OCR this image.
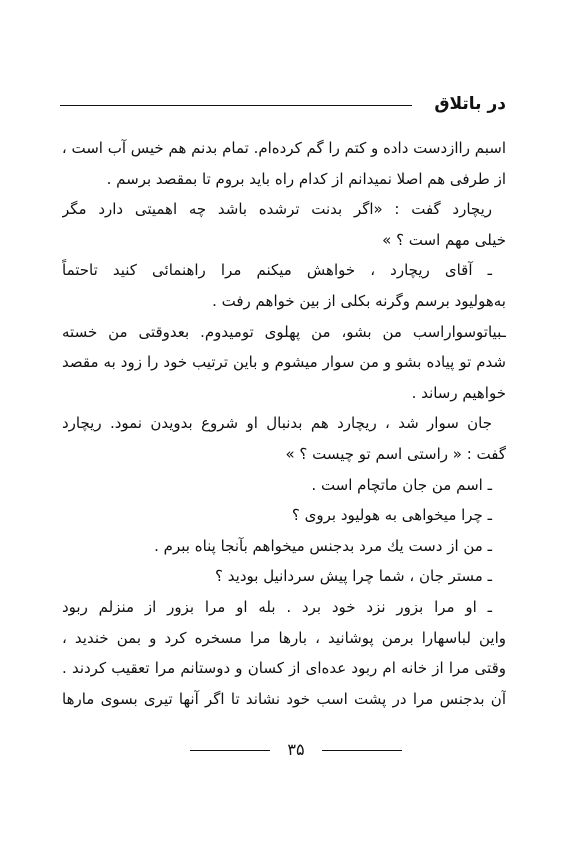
در باتلاق
اسبم راازدست داده و کتم را گم کرده‌ام. تمام بدنم هم خیس آب است ،
از طرفی هم اصلا نمیدانم از کدام راه باید بروم تا بمقصد برسم .
ریچارد گفت : «اگر بدنت ترشده باشد چه اهمیتی دارد مگر
خیلی مهم است ؟ »
ـ آقای ریچارد ، خواهش میکنم مرا راهنمائی کنید تاحتماً
به‌هولیود برسم وگرنه بکلی از بین خواهم رفت .
ـبیاتوسواراسب من بشو، من پهلوی تومیدوم. بعدوقتی من خسته
شدم تو پیاده بشو و من سوار میشوم و باین ترتیب خود را زود به مقصد
خواهیم رساند .
جان سوار شد ، ریچارد هم بدنبال او شروع بدویدن نمود. ریچارد
گفت : « راستی اسم تو چیست ؟ »
ـ اسم من جان ماتچام است .
ـ چرا میخواهی به هولیود بروی ؟
ـ من از دست یك مرد بدجنس میخواهم بآنجا پناه ببرم .
ـ مستر جان ، شما چرا پیش سردانیل بودید ؟
ـ او مرا بزور نزد خود برد . بله او مرا بزور از منزلم ربود
واین لباسهارا برمن پوشانید ، بارها مرا مسخره کرد و بمن خندید ،
وقتی مرا از خانه ام ربود عده‌ای از کسان و دوستانم مرا تعقیب کردند .
آن بدجنس مرا در پشت اسب خود نشاند تا اگر آنها تیری بسوی مارها
۳۵
